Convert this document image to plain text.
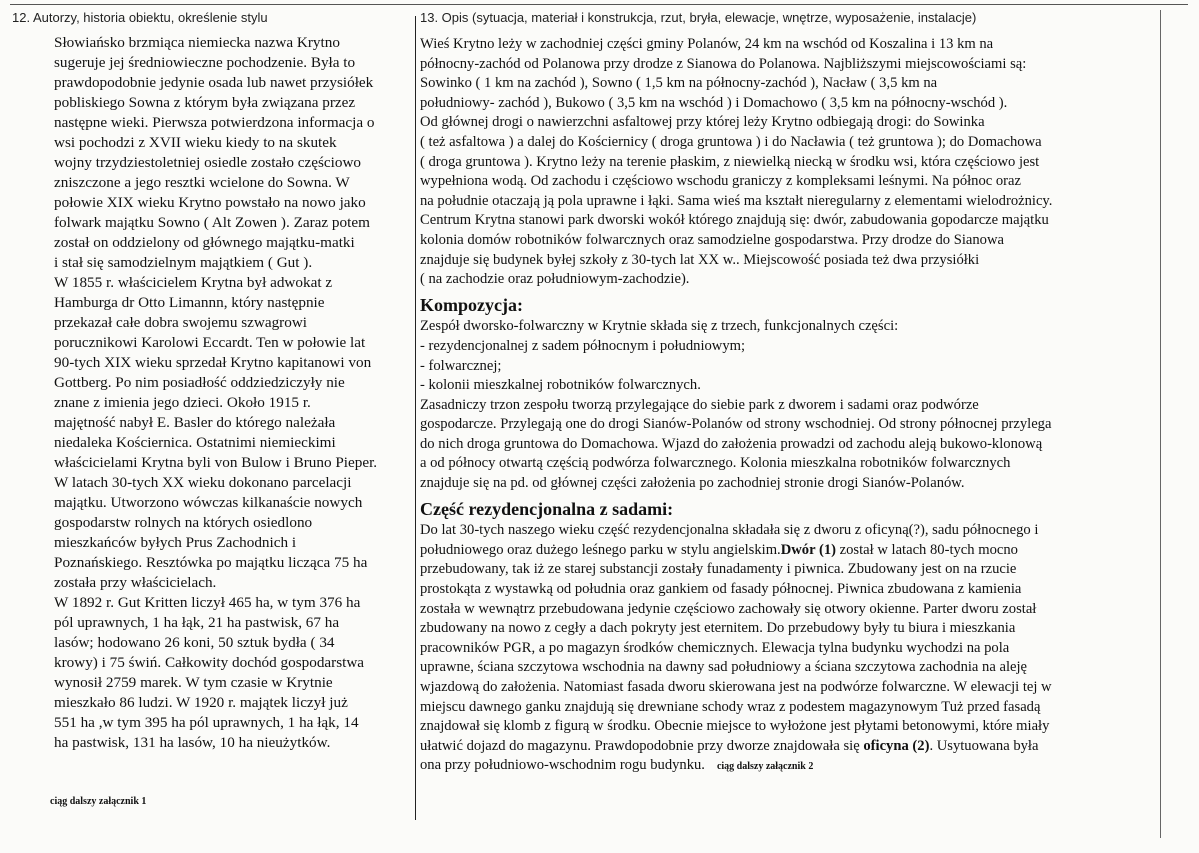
12. Autorzy, historia obiektu, określenie stylu

Słowiańsko brzmiąca niemiecka nazwa Krytno

sugeruje jej średniowieczne pochodzenie. Była to

prawdopodobnie jedynie osada lub nawet przysiółek

pobliskiego Sowna z którym była związana przez

następne wieki. Pierwsza potwierdzona informacja o

wsi pochodzi z XVII wieku kiedy to na skutek

wojny trzydziestoletniej osiedle zostało częściowo

zniszczone a jego resztki wcielone do Sowna. W

połowie XIX wieku Krytno powstało na nowo jako

folwark majątku Sowno ( Alt Zowen ). Zaraz potem

został on oddzielony od głównego majątku-matki

i stał się samodzielnym majątkiem ( Gut ).

W 1855 r. właścicielem Krytna był adwokat z

Hamburga dr Otto Limannn, który następnie

przekazał całe dobra swojemu szwagrowi

porucznikowi Karolowi Eccardt. Ten w połowie lat

90-tych XIX wieku sprzedał Krytno kapitanowi von

Gottberg. Po nim posiadłość oddziedziczyły nie

znane z imienia jego dzieci. Około 1915 r.

majętność nabył E. Basler do którego należała

niedaleka Kościernica. Ostatnimi niemieckimi

właścicielami Krytna byli von Bulow i Bruno Pieper.

W latach 30-tych XX wieku dokonano parcelacji

majątku. Utworzono wówczas kilkanaście nowych

gospodarstw rolnych na których osiedlono

mieszkańców byłych Prus Zachodnich i

Poznańskiego. Resztówka po majątku licząca 75 ha

została przy właścicielach.

W 1892 r. Gut Kritten liczył 465 ha, w tym 376 ha

pól uprawnych, 1 ha łąk, 21 ha pastwisk, 67 ha

lasów; hodowano 26 koni, 50 sztuk bydła ( 34

krowy) i 75 świń. Całkowity dochód gospodarstwa

wynosił 2759 marek. W tym czasie w Krytnie

mieszkało 86 ludzi. W 1920 r. majątek liczył już

551 ha ,w tym 395 ha pól uprawnych, 1 ha łąk, 14

ha pastwisk, 131 ha lasów, 10 ha nieużytków.

ciąg dalszy załącznik 1
13. Opis (sytuacja, materiał i konstrukcja, rzut, bryła, elewacje, wnętrze, wyposażenie, instalacje)

Wieś Krytno leży w zachodniej części gminy Polanów, 24 km na wschód od Koszalina i 13 km na

północny-zachód od Polanowa przy drodze z Sianowa do Polanowa. Najbliższymi miejscowościami są:

Sowinko ( 1 km na zachód ), Sowno ( 1,5 km na północny-zachód ), Nacław ( 3,5 km na

południowy- zachód ), Bukowo ( 3,5 km na wschód ) i Domachowo ( 3,5 km na północny-wschód ).

Od głównej drogi o nawierzchni asfaltowej przy której leży Krytno odbiegają drogi: do Sowinka

( też asfaltowa ) a dalej do Kościernicy ( droga gruntowa ) i do Nacławia ( też gruntowa ); do Domachowa

( droga gruntowa ). Krytno leży na terenie płaskim, z niewielką niecką w środku wsi, która częściowo jest

wypełniona wodą. Od zachodu i częściowo wschodu graniczy z kompleksami leśnymi. Na północ oraz

na południe otaczają ją pola uprawne i łąki. Sama wieś ma kształt nieregularny z elementami wielodrożnicy.

Centrum Krytna stanowi park dworski wokół którego znajdują się: dwór, zabudowania gopodarcze majątku

kolonia domów robotników folwarcznych oraz samodzielne gospodarstwa. Przy drodze do Sianowa

znajduje się budynek byłej szkoły z 30-tych lat XX w.. Miejscowość posiada też dwa przysiółki

( na zachodzie oraz południowym-zachodzie).

Kompozycja:

Zespół dworsko-folwarczny w Krytnie składa się z trzech, funkcjonalnych części:

- rezydencjonalnej z sadem północnym i południowym;

- folwarcznej;

- kolonii mieszkalnej robotników folwarcznych.

Zasadniczy trzon zespołu tworzą przylegające do siebie park z dworem i sadami oraz podwórze

gospodarcze. Przylegają one do drogi Sianów-Polanów od strony wschodniej. Od strony północnej przylega

do nich droga gruntowa do Domachowa. Wjazd do założenia prowadzi od zachodu aleją bukowo-klonową

a od północy otwartą częścią podwórza folwarcznego. Kolonia mieszkalna robotników folwarcznych

znajduje się na pd. od głównej części założenia po zachodniej stronie drogi Sianów-Polanów.

Część rezydencjonalna z sadami:

Do lat 30-tych naszego wieku część rezydencjonalna składała się z dworu z oficyną(?), sadu północnego i

południowego oraz dużego leśnego parku w stylu angielskim.Dwór (1) został w latach 80-tych mocno

przebudowany, tak iż ze starej substancji zostały funadamenty i piwnica. Zbudowany jest on na rzucie

prostokąta z wystawką od południa oraz gankiem od fasady północnej. Piwnica zbudowana z kamienia

została w wewnątrz przebudowana jedynie częściowo zachowały się otwory okienne. Parter dworu został

zbudowany na nowo z cegły a dach pokryty jest eternitem. Do przebudowy były tu biura i mieszkania

pracowników PGR, a po magazyn środków chemicznych. Elewacja tylna budynku wychodzi na pola

uprawne, ściana szczytowa wschodnia na dawny sad południowy a ściana szczytowa zachodnia na aleję

wjazdową do założenia. Natomiast fasada dworu skierowana jest na podwórze folwarczne. W elewacji tej w

miejscu dawnego ganku znajdują się drewniane schody wraz z podestem magazynowym Tuż przed fasadą

znajdował się klomb z figurą w środku. Obecnie miejsce to wyłożone jest płytami betonowymi, które miały

ułatwić dojazd do magazynu. Prawdopodobnie przy dworze znajdowała się oficyna (2). Usytuowana była

ona przy południowo-wschodnim rogu budynku. ciąg dalszy załącznik 2
